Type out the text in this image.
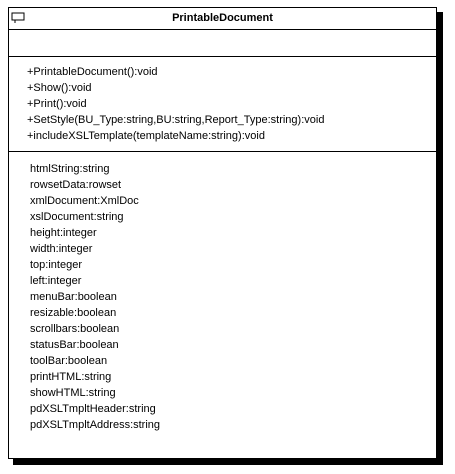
PrintableDocument
+PrintableDocument():void
+Show():void
+Print():void
+SetStyle(BU_Type:string,BU:string,Report_Type:string):void
+includeXSLTemplate(templateName:string):void
htmlString:string
rowsetData:rowset
xmlDocument:XmlDoc
xslDocument:string
height:integer
width:integer
top:integer
left:integer
menuBar:boolean
resizable:boolean
scrollbars:boolean
statusBar:boolean
toolBar:boolean
printHTML:string
showHTML:string
pdXSLTmpltHeader:string
pdXSLTmpltAddress:string
